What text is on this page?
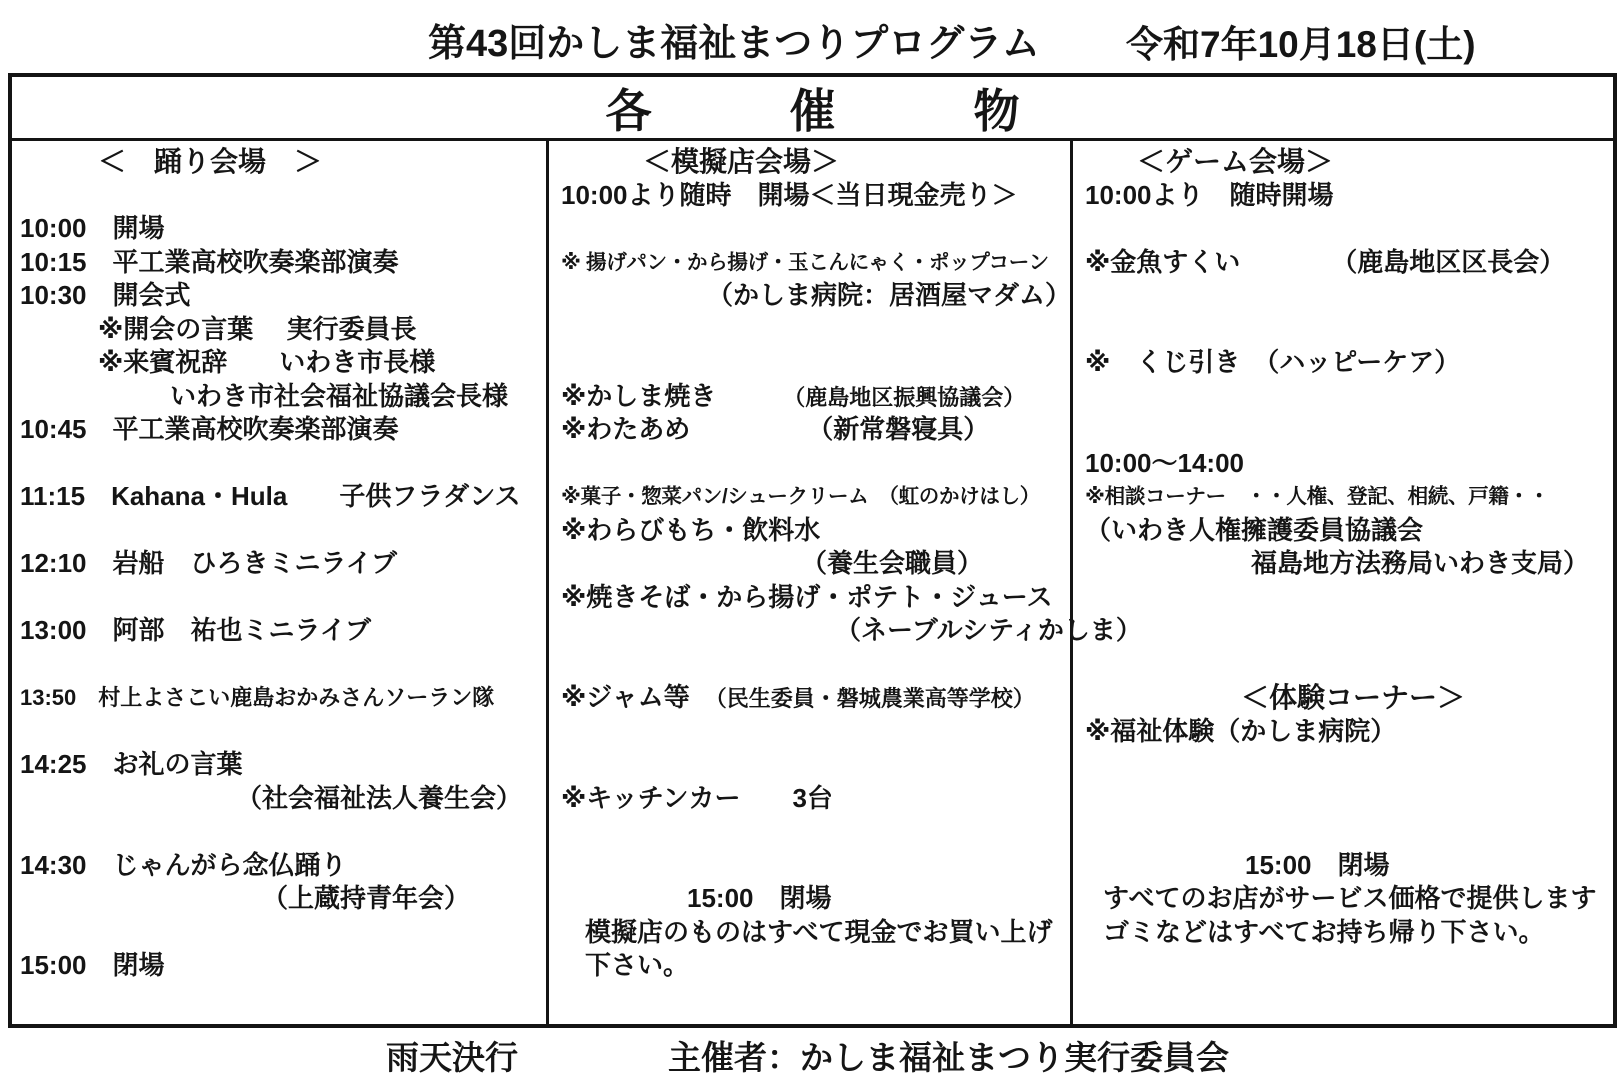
第43回かしま福祉まつりプログラム 令和7年10月18日(土)
各　　　催　　　物
＜　踊り会場　＞
10:00　開場
10:15　平工業高校吹奏楽部演奏
10:30　開会式
※開会の言葉　 実行委員長
※来賓祝辞　　いわき市長様
いわき市社会福祉協議会長様
10:45　平工業高校吹奏楽部演奏
11:15　Kahana・Hula　　子供フラダンス
12:10　岩船　ひろきミニライブ
13:00　阿部　祐也ミニライブ
13:50　村上よさこい鹿島おかみさんソーラン隊
14:25　お礼の言葉
（社会福祉法人養生会）
14:30　じゃんがら念仏踊り
（上蔵持青年会）
15:00　閉場
＜模擬店会場＞
10:00より随時　開場＜当日現金売り＞
※ 揚げパン・から揚げ・玉こんにゃく・ポップコーン
（かしま病院：居酒屋マダム）
※かしま焼き　　　（鹿島地区振興協議会）
※わたあめ　　　　　（新常磐寝具）
※菓子・惣菜パン/シュークリーム　（虹のかけはし）
※わらびもち・飲料水
（養生会職員）
※焼きそば・から揚げ・ポテト・ジュース
（ネーブルシティかしま）
※ジャム等　（民生委員・磐城農業高等学校）
※キッチンカー　　3台
15:00　閉場
模擬店のものはすべて現金でお買い上げ
下さい。
＜ゲーム会場＞
10:00より　随時開場
※金魚すくい　　　　（鹿島地区区長会）
※　くじ引き　（ハッピーケア）
10:00～14:00
※相談コーナー　・・人権、登記、相続、戸籍・・
（いわき人権擁護委員協議会
福島地方法務局いわき支局）
＜体験コーナー＞
※福祉体験（かしま病院）
15:00　閉場
すべてのお店がサービス価格で提供します
ゴミなどはすべてお持ち帰り下さい。
雨天決行	主催者：かしま福祉まつり実行委員会
